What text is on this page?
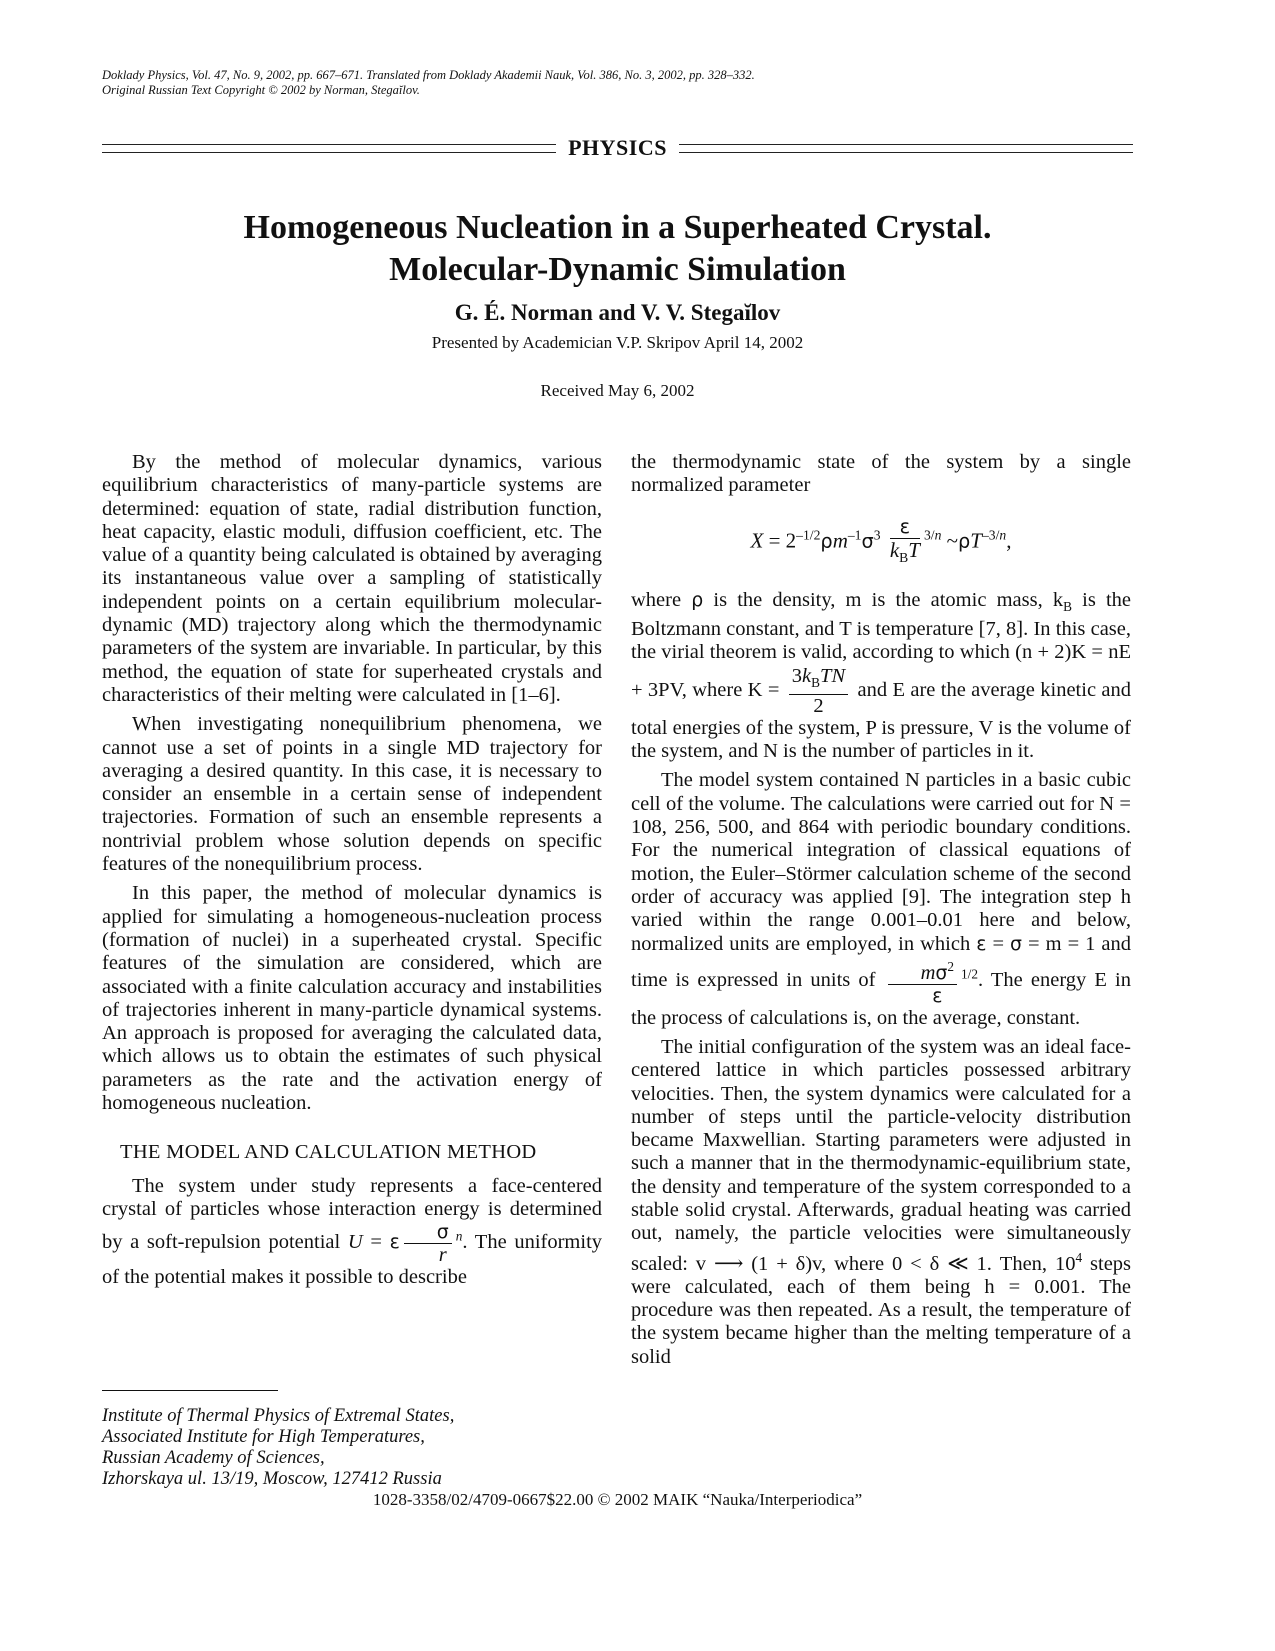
Doklady Physics, Vol. 47, No. 9, 2002, pp. 667–671. Translated from Doklady Akademii Nauk, Vol. 386, No. 3, 2002, pp. 328–332.
Original Russian Text Copyright © 2002 by Norman, Stegaĭlov.
PHYSICS
Homogeneous Nucleation in a Superheated Crystal.
Molecular-Dynamic Simulation
G. É. Norman and V. V. Stegaĭlov
Presented by Academician V.P. Skripov April 14, 2002
Received May 6, 2002

By the method of molecular dynamics, various equilibrium characteristics of many-particle systems are determined: equation of state, radial distribution function, heat capacity, elastic moduli, diffusion coefficient, etc. The value of a quantity being calculated is obtained by averaging its instantaneous value over a sampling of statistically independent points on a certain equilibrium molecular-dynamic (MD) trajectory along which the thermodynamic parameters of the system are invariable. In particular, by this method, the equation of state for superheated crystals and characteristics of their melting were calculated in [1–6].

When investigating nonequilibrium phenomena, we cannot use a set of points in a single MD trajectory for averaging a desired quantity. In this case, it is necessary to consider an ensemble in a certain sense of independent trajectories. Formation of such an ensemble represents a nontrivial problem whose solution depends on specific features of the nonequilibrium process.

In this paper, the method of molecular dynamics is applied for simulating a homogeneous-nucleation process (formation of nuclei) in a superheated crystal. Specific features of the simulation are considered, which are associated with a finite calculation accuracy and instabilities of trajectories inherent in many-particle dynamical systems. An approach is proposed for averaging the calculated data, which allows us to obtain the estimates of such physical parameters as the rate and the activation energy of homogeneous nucleation.

THE MODEL AND CALCULATION METHOD

The system under study represents a face-centered crystal of particles whose interaction energy is determined by a soft-repulsion potential U = ε $\frac{\sigma}{r} ^n$. The uniformity of the potential makes it possible to describe

the thermodynamic state of the system by a single normalized parameter

$X = 2^{-1/2}\rho m^{-1}\sigma^3 \frac{\varepsilon}{k_BT} ^{3/n}$ $\sim\rho T^{-3/n}$,

where ρ is the density, m is the atomic mass, $k_B$ is the Boltzmann constant, and T is temperature [7, 8]. In this case, the virial theorem is valid, according to which (n + 2)K = nE + 3PV, where $K = \frac{3k_BTN}{2}$ and E are the average kinetic and total energies of the system, P is pressure, V is the volume of the system, and N is the number of particles in it.

The model system contained N particles in a basic cubic cell of the volume. The calculations were carried out for N = 108, 256, 500, and 864 with periodic boundary conditions. For the numerical integration of classical equations of motion, the Euler–Störmer calculation scheme of the second order of accuracy was applied [9]. The integration step h varied within the range 0.001–0.01 here and below, normalized units are employed, in which ε = σ = m = 1 and time is expressed in units of $\frac{m\sigma^2}{\varepsilon} ^{1/2}$. The energy E in the process of calculations is, on the average, constant.

The initial configuration of the system was an ideal face-centered lattice in which particles possessed arbitrary velocities. Then, the system dynamics were calculated for a number of steps until the particle-velocity distribution became Maxwellian. Starting parameters were adjusted in such a manner that in the thermodynamic-equilibrium state, the density and temperature of the system corresponded to a stable solid crystal. Afterwards, gradual heating was carried out, namely, the particle velocities were simultaneously scaled: v ⟶ (1 + δ)v, where 0 < δ ≪ 1. Then, $10^4$ steps were calculated, each of them being h = 0.001. The procedure was then repeated. As a result, the temperature of the system became higher than the melting temperature of a solid

Institute of Thermal Physics of Extremal States,
Associated Institute for High Temperatures,
Russian Academy of Sciences,
Izhorskaya ul. 13/19, Moscow, 127412 Russia
1028-3358/02/4709-0667$22.00 © 2002 MAIK “Nauka/Interperiodica”
